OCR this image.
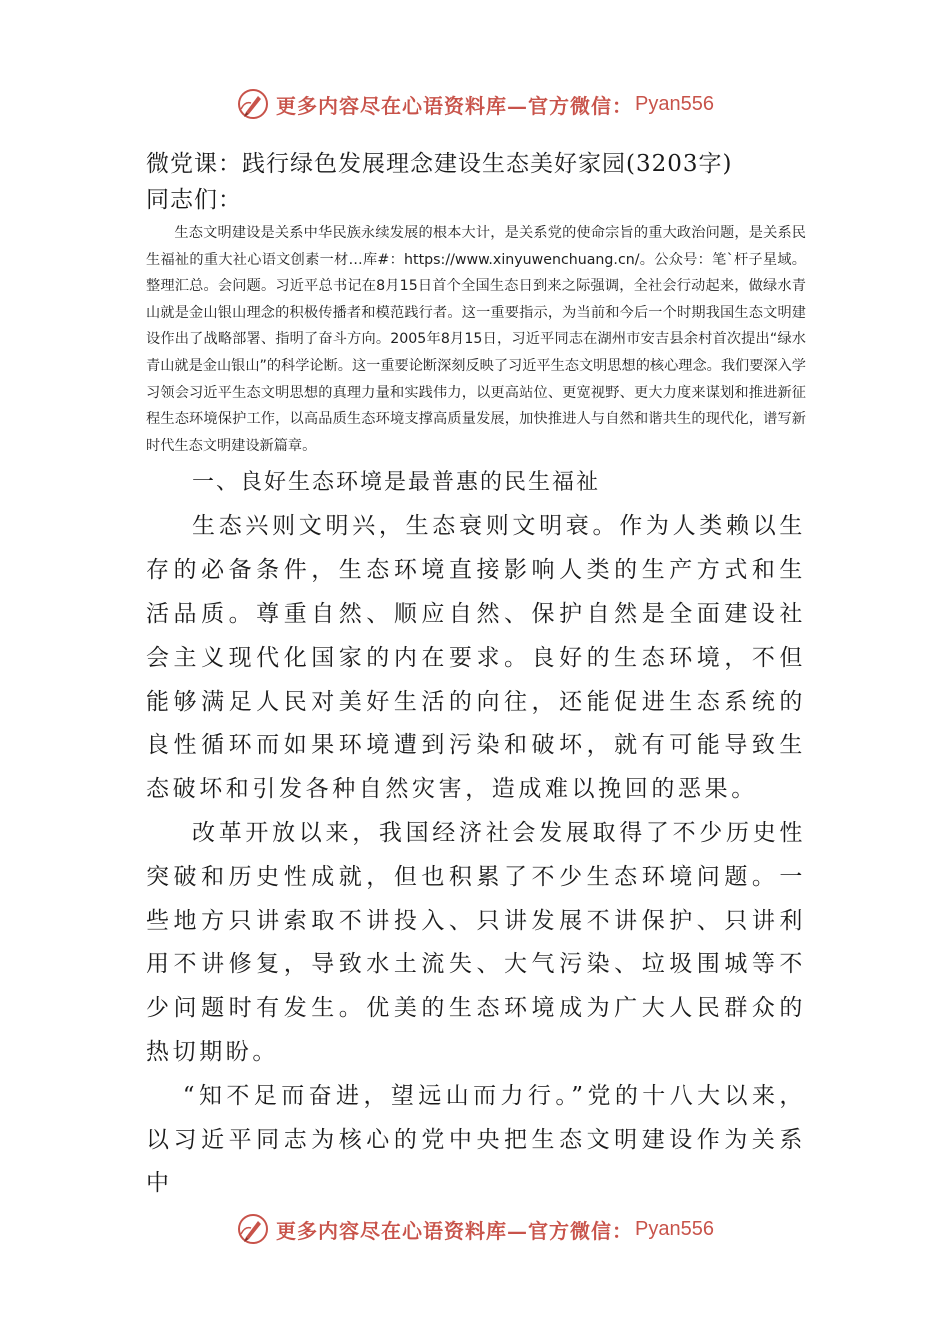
更多内容尽在心语资料库—官方微信： Pyan556

微党课：践行绿色发展理念建设生态美好家园(3203字)

同志们：

生态文明建设是关系中华民族永续发展的根本大计，是关系党的使命宗旨的重大政治问题，是关系民生福祉的重大社心语文创素一材…库#：https://www.xinyuwenchuang.cn/。公众号：笔`杆子星域。整理汇总。会问题。习近平总书记在8月15日首个全国生态日到来之际强调，全社会行动起来，做绿水青山就是金山银山理念的积极传播者和模范践行者。这一重要指示，为当前和今后一个时期我国生态文明建设作出了战略部署、指明了奋斗方向。2005年8月15日，习近平同志在湖州市安吉县余村首次提出“绿水青山就是金山银山”的科学论断。这一重要论断深刻反映了习近平生态文明思想的核心理念。我们要深入学习领会习近平生态文明思想的真理力量和实践伟力，以更高站位、更宽视野、更大力度来谋划和推进新征程生态环境保护工作，以高品质生态环境支撑高质量发展，加快推进人与自然和谐共生的现代化，谱写新时代生态文明建设新篇章。

一、良好生态环境是最普惠的民生福祉

生态兴则文明兴，生态衰则文明衰。作为人类赖以生存的必备条件，生态环境直接影响人类的生产方式和生活品质。尊重自然、顺应自然、保护自然是全面建设社会主义现代化国家的内在要求。良好的生态环境，不但能够满足人民对美好生活的向往，还能促进生态系统的良性循环而如果环境遭到污染和破坏，就有可能导致生态破坏和引发各种自然灾害，造成难以挽回的恶果。

改革开放以来，我国经济社会发展取得了不少历史性突破和历史性成就，但也积累了不少生态环境问题。一些地方只讲索取不讲投入、只讲发展不讲保护、只讲利用不讲修复，导致水土流失、大气污染、垃圾围城等不少问题时有发生。优美的生态环境成为广大人民群众的热切期盼。

“知不足而奋进，望远山而力行。”党的十八大以来，以习近平同志为核心的党中央把生态文明建设作为关系中

更多内容尽在心语资料库—官方微信： Pyan556
